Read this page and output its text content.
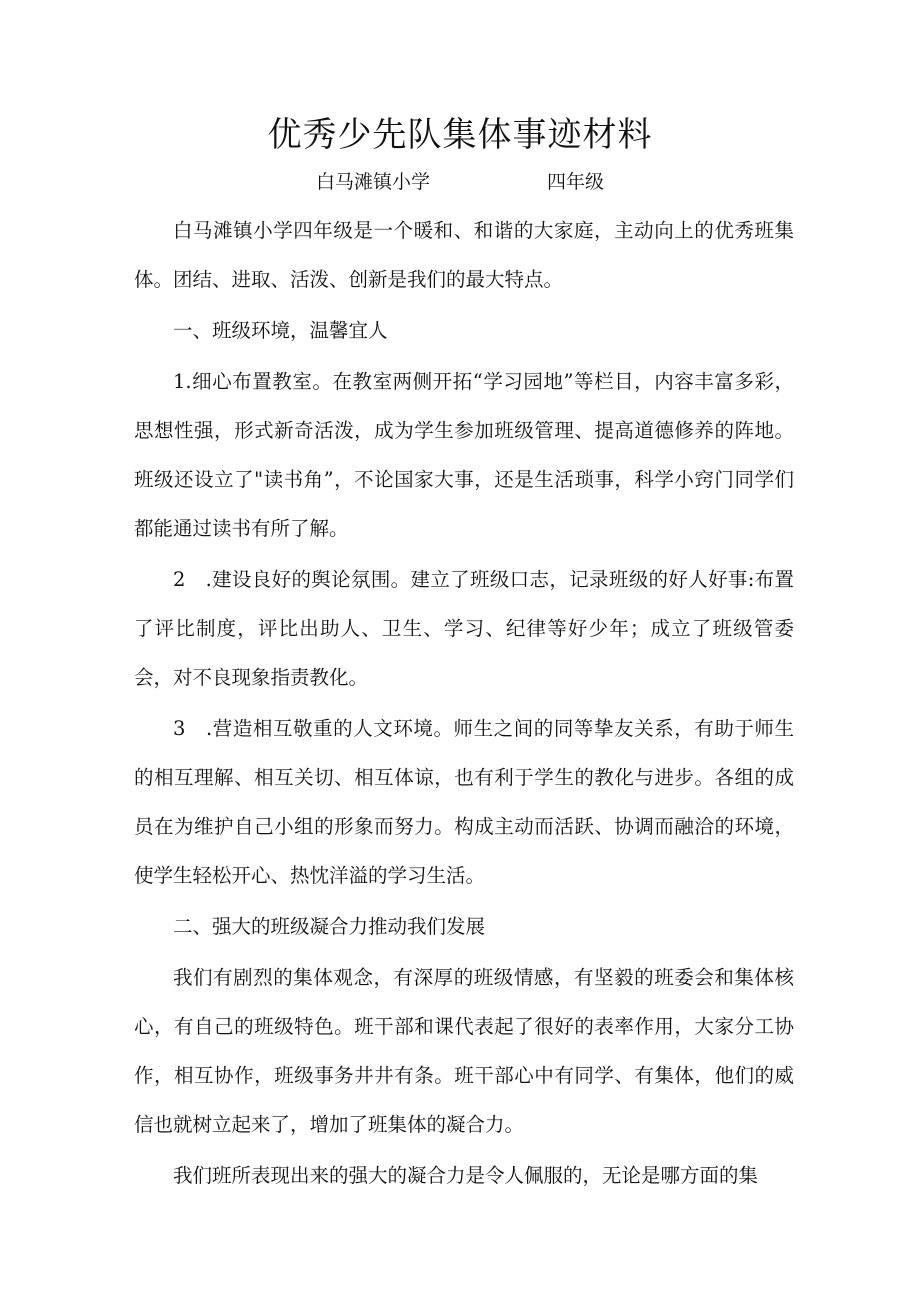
优秀少先队集体事迹材料
白马滩镇小学	四年级

白马滩镇小学四年级是一个暖和、和谐的大家庭，主动向上的优秀班集体。团结、进取、活泼、创新是我们的最大特点。

一、班级环境，温馨宜人

1.细心布置教室。在教室两侧开拓“学习园地”等栏目，内容丰富多彩，思想性强，形式新奇活泼，成为学生参加班级管理、提高道德修养的阵地。班级还设立了"读书角”，不论国家大事，还是生活琐事，科学小窍门同学们都能通过读书有所了解。

2　.建设良好的舆论氛围。建立了班级口志，记录班级的好人好事:布置了评比制度，评比出助人、卫生、学习、纪律等好少年；成立了班级管委会，对不良现象指责教化。

3　.营造相互敬重的人文环境。师生之间的同等挚友关系，有助于师生的相互理解、相互关切、相互体谅，也有利于学生的教化与进步。各组的成员在为维护自己小组的形象而努力。构成主动而活跃、协调而融洽的环境，使学生轻松开心、热忱洋溢的学习生活。

二、强大的班级凝合力推动我们发展

我们有剧烈的集体观念，有深厚的班级情感，有坚毅的班委会和集体核心，有自己的班级特色。班干部和课代表起了很好的表率作用，大家分工协作，相互协作，班级事务井井有条。班干部心中有同学、有集体，他们的威信也就树立起来了，增加了班集体的凝合力。

我们班所表现出来的强大的凝合力是令人佩服的，无论是哪方面的集
